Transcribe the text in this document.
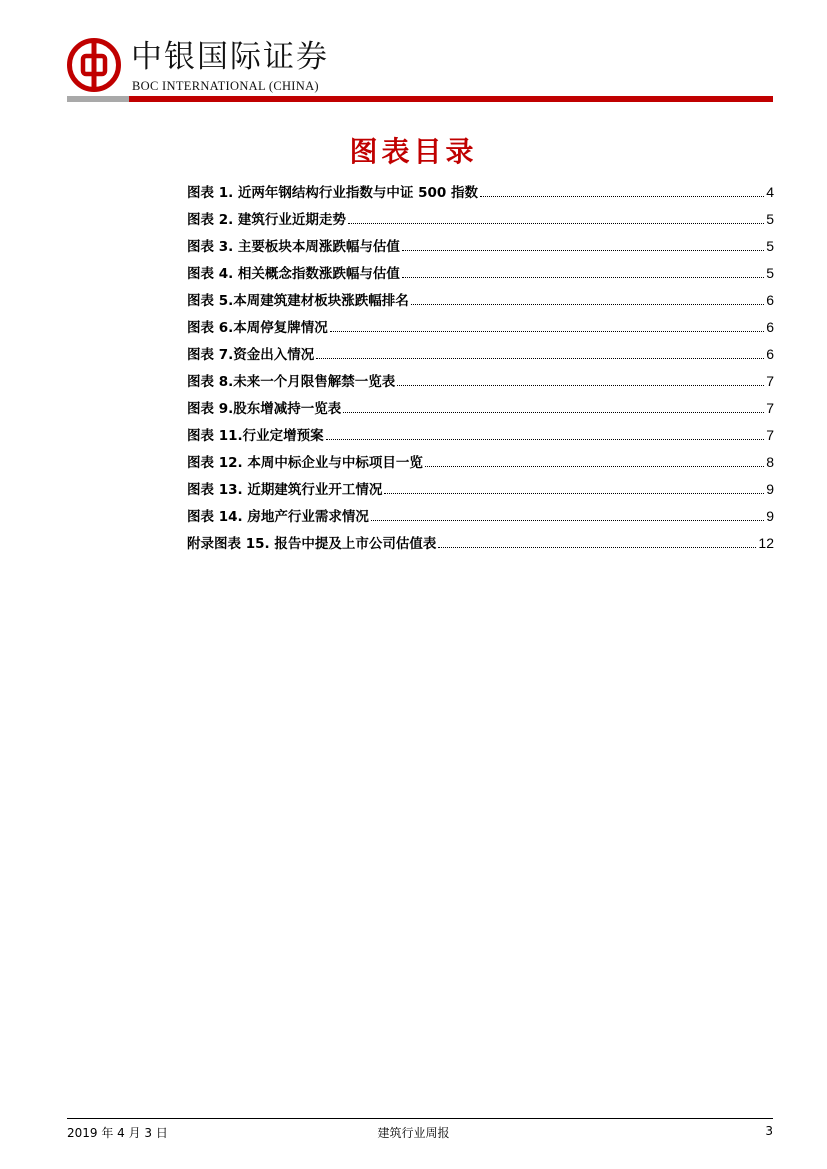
中银国际证券
BOC INTERNATIONAL (CHINA)
图表目录
图表 1. 近两年钢结构行业指数与中证 500 指数	4
图表 2. 建筑行业近期走势	5
图表 3. 主要板块本周涨跌幅与估值	5
图表 4. 相关概念指数涨跌幅与估值	5
图表 5.本周建筑建材板块涨跌幅排名	6
图表 6.本周停复牌情况	6
图表 7.资金出入情况	6
图表 8.未来一个月限售解禁一览表	7
图表 9.股东增减持一览表	7
图表 11.行业定增预案	7
图表 12. 本周中标企业与中标项目一览	8
图表 13. 近期建筑行业开工情况	9
图表 14. 房地产行业需求情况	9
附录图表 15. 报告中提及上市公司估值表	12
2019 年 4 月 3 日	建筑行业周报	3
